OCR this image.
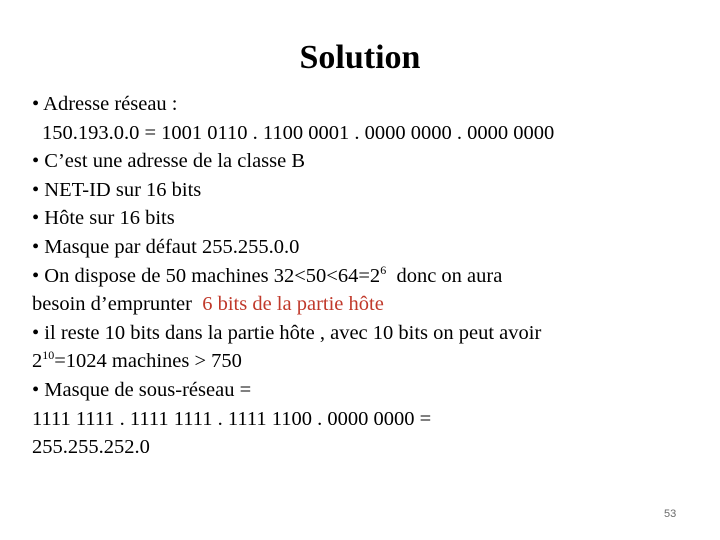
Solution
• Adresse réseau :
150.193.0.0 = 1001 0110 . 1100 0001 . 0000 0000 . 0000 0000
• C’est une adresse de la classe B
• NET-ID sur 16 bits
• Hôte sur 16 bits
• Masque par défaut 255.255.0.0
• On dispose de 50 machines $32<50<64=2^6$  donc on aura
besoin d’emprunter  6 bits de la partie hôte
• il reste 10 bits dans la partie hôte , avec 10 bits on peut avoir
$2^{10}=1024$ machines > 750
• Masque de sous-réseau =
1111 1111 . 1111 1111 . 1111 1100 . 0000 0000 =
255.255.252.0
53
